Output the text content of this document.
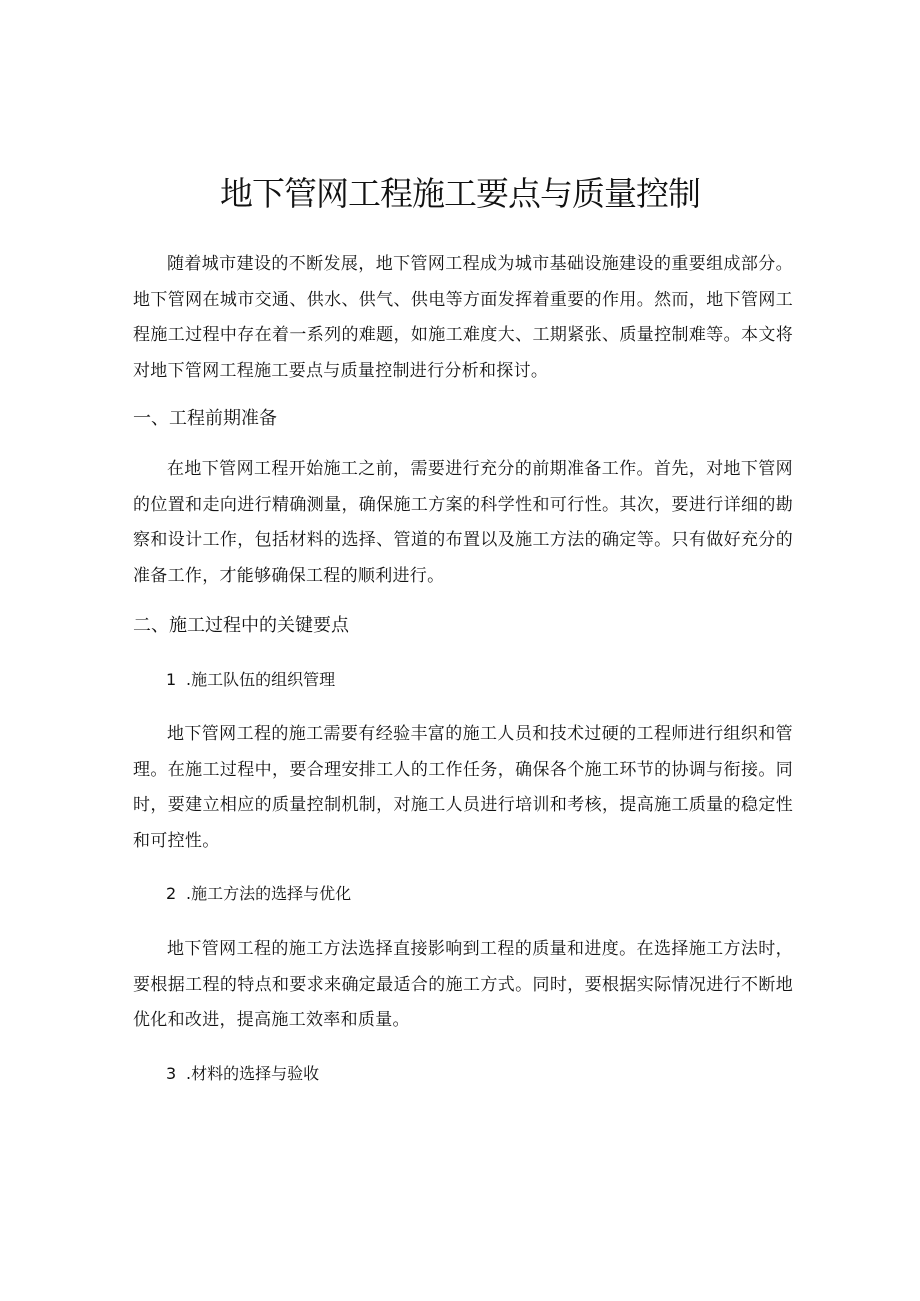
地下管网工程施工要点与质量控制

随着城市建设的不断发展，地下管网工程成为城市基础设施建设的重要组成部分。地下管网在城市交通、供水、供气、供电等方面发挥着重要的作用。然而，地下管网工程施工过程中存在着一系列的难题，如施工难度大、工期紧张、质量控制难等。本文将对地下管网工程施工要点与质量控制进行分析和探讨。

一、工程前期准备

在地下管网工程开始施工之前，需要进行充分的前期准备工作。首先，对地下管网的位置和走向进行精确测量，确保施工方案的科学性和可行性。其次，要进行详细的勘察和设计工作，包括材料的选择、管道的布置以及施工方法的确定等。只有做好充分的准备工作，才能够确保工程的顺利进行。

二、施工过程中的关键要点
1 .施工队伍的组织管理

地下管网工程的施工需要有经验丰富的施工人员和技术过硬的工程师进行组织和管理。在施工过程中，要合理安排工人的工作任务，确保各个施工环节的协调与衔接。同时，要建立相应的质量控制机制，对施工人员进行培训和考核，提高施工质量的稳定性和可控性。

2 .施工方法的选择与优化

地下管网工程的施工方法选择直接影响到工程的质量和进度。在选择施工方法时，要根据工程的特点和要求来确定最适合的施工方式。同时，要根据实际情况进行不断地优化和改进，提高施工效率和质量。

3 .材料的选择与验收
